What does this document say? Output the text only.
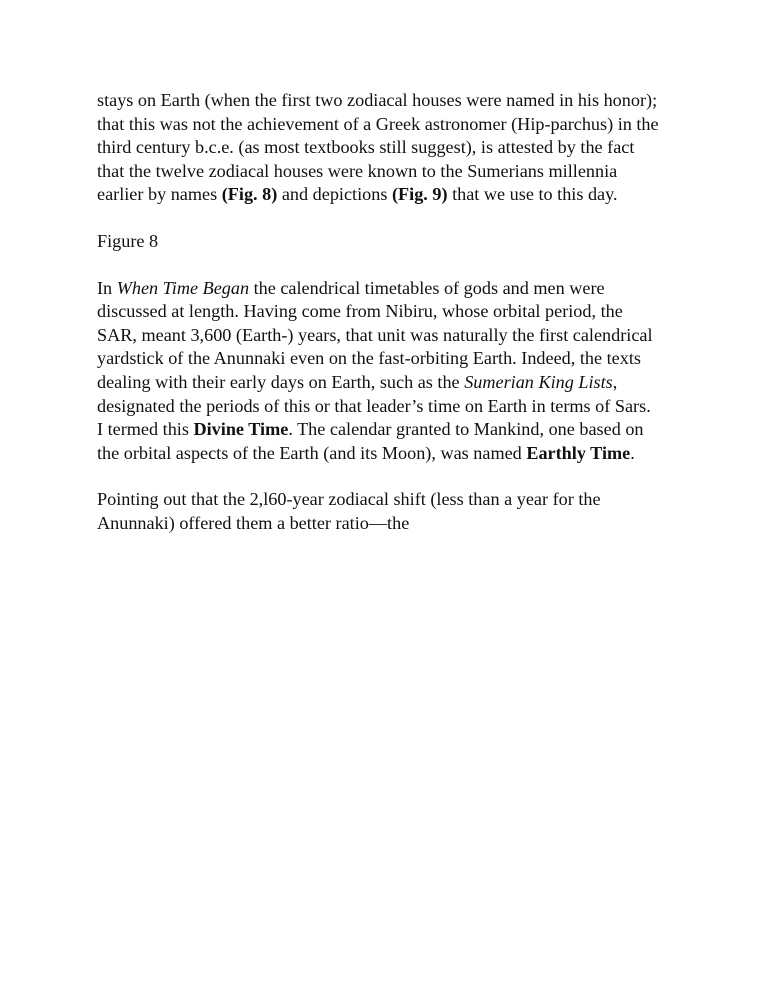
stays on Earth (when the first two zodiacal houses were named in his honor);
that this was not the achievement of a Greek astronomer (Hip-parchus) in the
third century b.c.e. (as most textbooks still suggest), is attested by the fact
that the twelve zodiacal houses were known to the Sumerians millennia
earlier by names (Fig. 8) and depictions (Fig. 9) that we use to this day.

Figure 8

In When Time Began the calendrical timetables of gods and men were
discussed at length. Having come from Nibiru, whose orbital period, the
SAR, meant 3,600 (Earth-) years, that unit was naturally the first calendrical
yardstick of the Anunnaki even on the fast-orbiting Earth. Indeed, the texts
dealing with their early days on Earth, such as the Sumerian King Lists,
designated the periods of this or that leader’s time on Earth in terms of Sars.
I termed this Divine Time. The calendar granted to Mankind, one based on
the orbital aspects of the Earth (and its Moon), was named Earthly Time.

Pointing out that the 2,l60-year zodiacal shift (less than a year for the
Anunnaki) offered them a better ratio—the
